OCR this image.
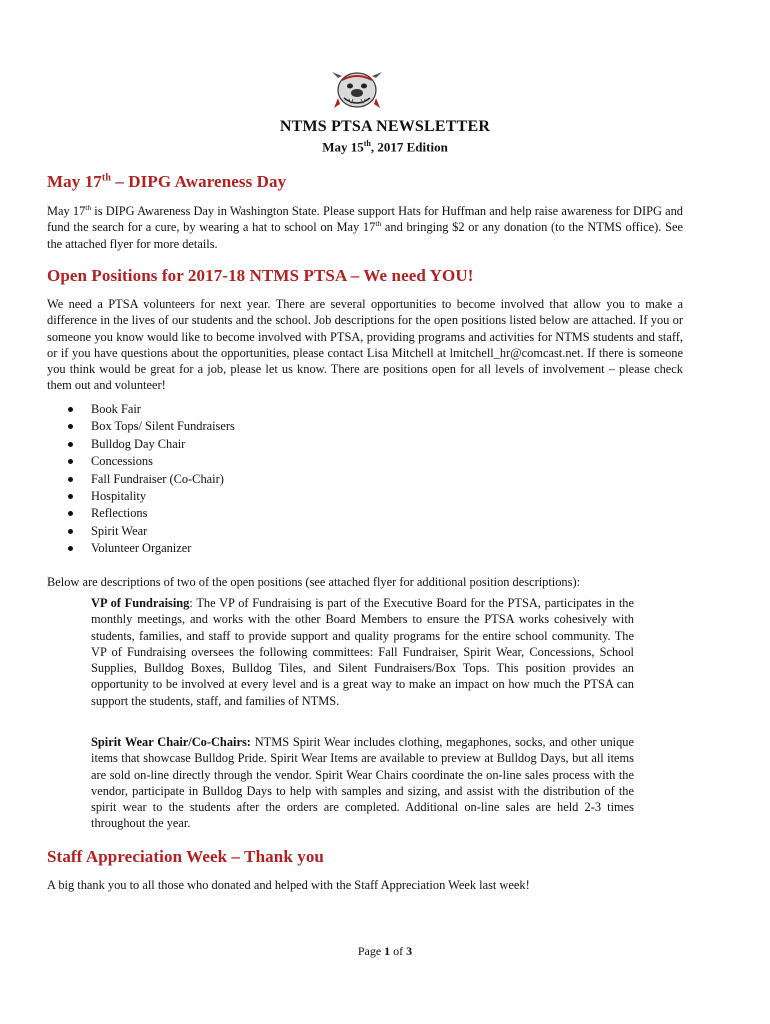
NTMS PTSA NEWSLETTER
May 15th, 2017 Edition
May 17th – DIPG Awareness Day

May 17th is DIPG Awareness Day in Washington State. Please support Hats for Huffman and help raise awareness for DIPG and fund the search for a cure, by wearing a hat to school on May 17th and bringing $2 or any donation (to the NTMS office). See the attached flyer for more details.

Open Positions for 2017-18 NTMS PTSA – We need YOU!

We need a PTSA volunteers for next year. There are several opportunities to become involved that allow you to make a difference in the lives of our students and the school. Job descriptions for the open positions listed below are attached. If you or someone you know would like to become involved with PTSA, providing programs and activities for NTMS students and staff, or if you have questions about the opportunities, please contact Lisa Mitchell at lmitchell_hr@comcast.net. If there is someone you think would be great for a job, please let us know. There are positions open for all levels of involvement – please check them out and volunteer!

Book Fair
Box Tops/ Silent Fundraisers
Bulldog Day Chair
Concessions
Fall Fundraiser (Co-Chair)
Hospitality
Reflections
Spirit Wear
Volunteer Organizer

Below are descriptions of two of the open positions (see attached flyer for additional position descriptions):

VP of Fundraising: The VP of Fundraising is part of the Executive Board for the PTSA, participates in the monthly meetings, and works with the other Board Members to ensure the PTSA works cohesively with students, families, and staff to provide support and quality programs for the entire school community. The VP of Fundraising oversees the following committees: Fall Fundraiser, Spirit Wear, Concessions, School Supplies, Bulldog Boxes, Bulldog Tiles, and Silent Fundraisers/Box Tops. This position provides an opportunity to be involved at every level and is a great way to make an impact on how much the PTSA can support the students, staff, and families of NTMS.

Spirit Wear Chair/Co-Chairs: NTMS Spirit Wear includes clothing, megaphones, socks, and other unique items that showcase Bulldog Pride. Spirit Wear Items are available to preview at Bulldog Days, but all items are sold on-line directly through the vendor. Spirit Wear Chairs coordinate the on-line sales process with the vendor, participate in Bulldog Days to help with samples and sizing, and assist with the distribution of the spirit wear to the students after the orders are completed. Additional on-line sales are held 2-3 times throughout the year.

Staff Appreciation Week – Thank you

A big thank you to all those who donated and helped with the Staff Appreciation Week last week!

Page 1 of 3
